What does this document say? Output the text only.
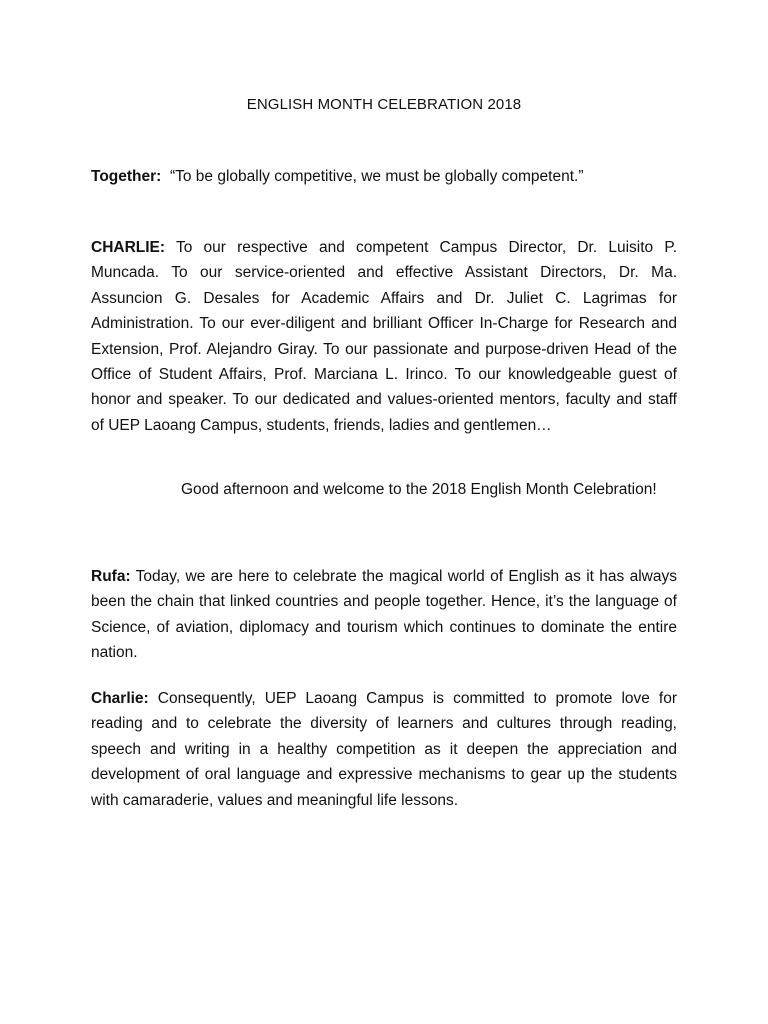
ENGLISH MONTH CELEBRATION 2018

Together:  “To be globally competitive, we must be globally competent.”

CHARLIE: To our respective and competent Campus Director, Dr. Luisito P. Muncada. To our service-oriented and effective Assistant Directors, Dr. Ma. Assuncion G. Desales for Academic Affairs and Dr. Juliet C. Lagrimas for Administration. To our ever-diligent and brilliant Officer In-Charge for Research and Extension, Prof. Alejandro Giray. To our passionate and purpose-driven Head of the Office of Student Affairs, Prof. Marciana L. Irinco. To our knowledgeable guest of honor and speaker. To our dedicated and values-oriented mentors, faculty and staff of UEP Laoang Campus, students, friends, ladies and gentlemen…

Good afternoon and welcome to the 2018 English Month Celebration!

Rufa: Today, we are here to celebrate the magical world of English as it has always been the chain that linked countries and people together. Hence, it’s the language of Science, of aviation, diplomacy and tourism which continues to dominate the entire nation.

Charlie: Consequently, UEP Laoang Campus is committed to promote love for reading and to celebrate the diversity of learners and cultures through reading, speech and writing in a healthy competition as it deepen the appreciation and development of oral language and expressive mechanisms to gear up the students with camaraderie, values and meaningful life lessons.
